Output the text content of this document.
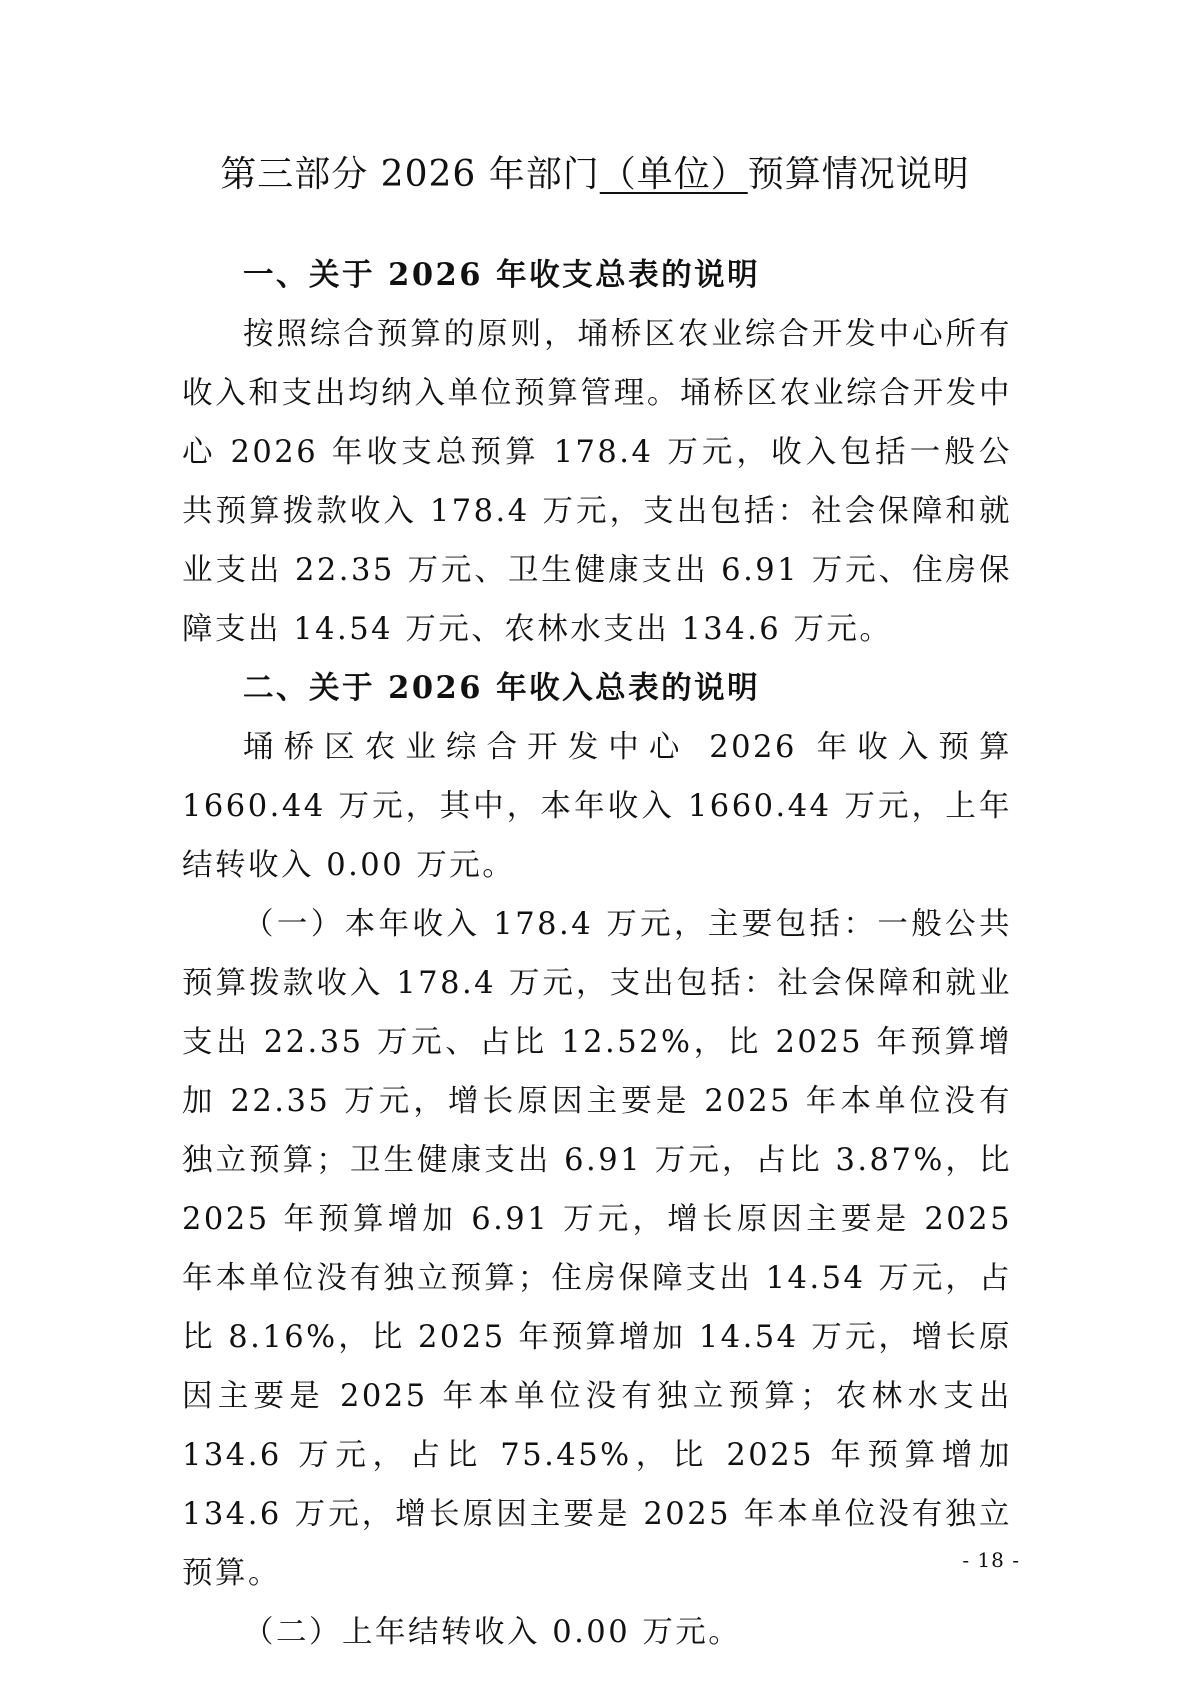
第三部分 2026 年部门（单位）预算情况说明
一、关于 2026 年收支总表的说明

按照综合预算的原则，埇桥区农业综合开发中心所有收入和支出均纳入单位预算管理。埇桥区农业综合开发中心 2026 年收支总预算 178.4 万元，收入包括一般公共预算拨款收入 178.4 万元，支出包括：社会保障和就业支出 22.35 万元、卫生健康支出 6.91 万元、住房保障支出 14.54 万元、农林水支出 134.6 万元。

二、关于 2026 年收入总表的说明

埇桥区农业综合开发中心 2026 年收入预算 1660.44 万元，其中，本年收入 1660.44 万元，上年结转收入 0.00 万元。

（一）本年收入 178.4 万元，主要包括：一般公共预算拨款收入 178.4 万元，支出包括：社会保障和就业支出 22.35 万元、占比 12.52%，比 2025 年预算增加 22.35 万元，增长原因主要是 2025 年本单位没有独立预算；卫生健康支出 6.91 万元，占比 3.87%，比 2025 年预算增加 6.91 万元，增长原因主要是 2025 年本单位没有独立预算；住房保障支出 14.54 万元，占比 8.16%，比 2025 年预算增加 14.54 万元，增长原因主要是 2025 年本单位没有独立预算；农林水支出 134.6 万元，占比 75.45%，比 2025 年预算增加 134.6 万元，增长原因主要是 2025 年本单位没有独立预算。

（二）上年结转收入 0.00 万元。

- 18 -
